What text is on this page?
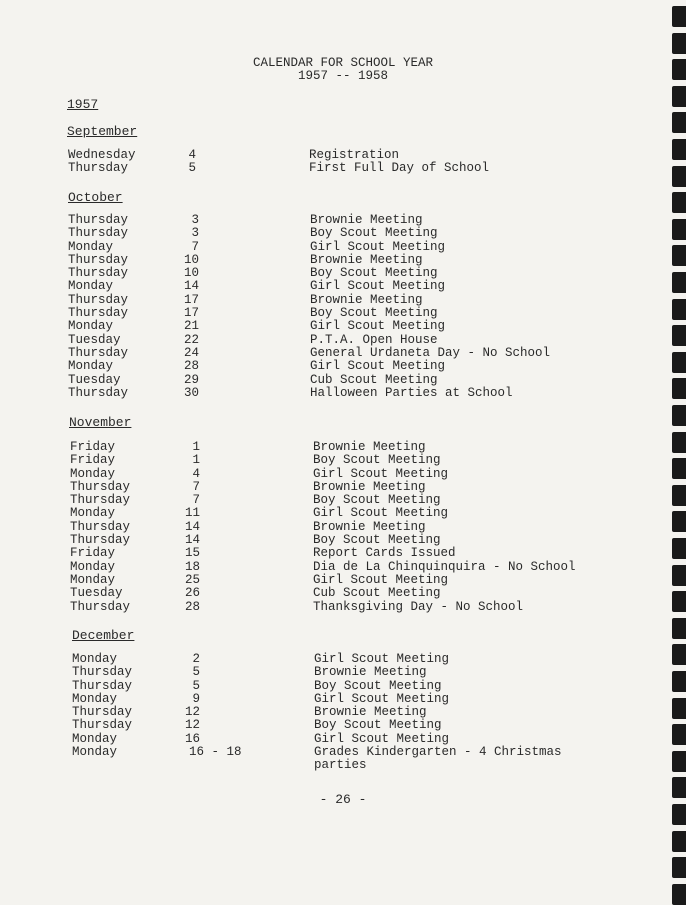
CALENDAR FOR SCHOOL YEAR
1957 -- 1958
1957
September
Wednesday	4	Registration
Thursday	5	First Full Day of School
October
Thursday	3	Brownie Meeting
Thursday	3	Boy Scout Meeting
Monday	7	Girl Scout Meeting
Thursday	10	Brownie Meeting
Thursday	10	Boy Scout Meeting
Monday	14	Girl Scout Meeting
Thursday	17	Brownie Meeting
Thursday	17	Boy Scout Meeting
Monday	21	Girl Scout Meeting
Tuesday	22	P.T.A. Open House
Thursday	24	General Urdaneta Day - No School
Monday	28	Girl Scout Meeting
Tuesday	29	Cub Scout Meeting
Thursday	30	Halloween Parties at School
November
Friday	1	Brownie Meeting
Friday	1	Boy Scout Meeting
Monday	4	Girl Scout Meeting
Thursday	7	Brownie Meeting
Thursday	7	Boy Scout Meeting
Monday	11	Girl Scout Meeting
Thursday	14	Brownie Meeting
Thursday	14	Boy Scout Meeting
Friday	15	Report Cards Issued
Monday	18	Dia de La Chinquinquira - No School
Monday	25	Girl Scout Meeting
Tuesday	26	Cub Scout Meeting
Thursday	28	Thanksgiving Day - No School
December
Monday	2	Girl Scout Meeting
Thursday	5	Brownie Meeting
Thursday	5	Boy Scout Meeting
Monday	9	Girl Scout Meeting
Thursday	12	Brownie Meeting
Thursday	12	Boy Scout Meeting
Monday	16	Girl Scout Meeting
Monday	16 - 18	Grades Kindergarten - 4 Christmas
parties
- 26 -
